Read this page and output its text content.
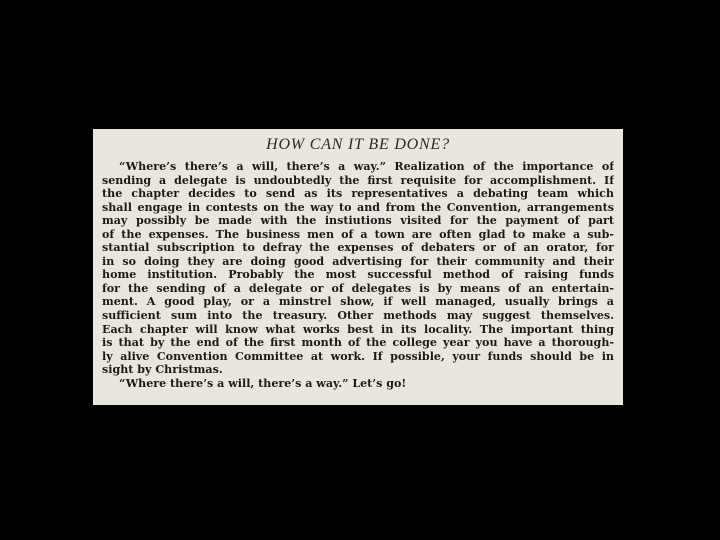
HOW CAN IT BE DONE?
“Where’s there’s a will, there’s a way.” Realization of the importance of
sending a delegate is undoubtedly the first requisite for accomplishment. If
the chapter decides to send as its representatives a debating team which
shall engage in contests on the way to and from the Convention, arrangements
may possibly be made with the instiutions visited for the payment of part
of the expenses. The business men of a town are often glad to make a sub-
stantial subscription to defray the expenses of debaters or of an orator, for
in so doing they are doing good advertising for their community and their
home institution. Probably the most successful method of raising funds
for the sending of a delegate or of delegates is by means of an entertain-
ment. A good play, or a minstrel show, if well managed, usually brings a
sufficient sum into the treasury. Other methods may suggest themselves.
Each chapter will know what works best in its locality. The important thing
is that by the end of the first month of the college year you have a thorough-
ly alive Convention Committee at work. If possible, your funds should be in
sight by Christmas.
“Where there’s a will, there’s a way.” Let’s go!
